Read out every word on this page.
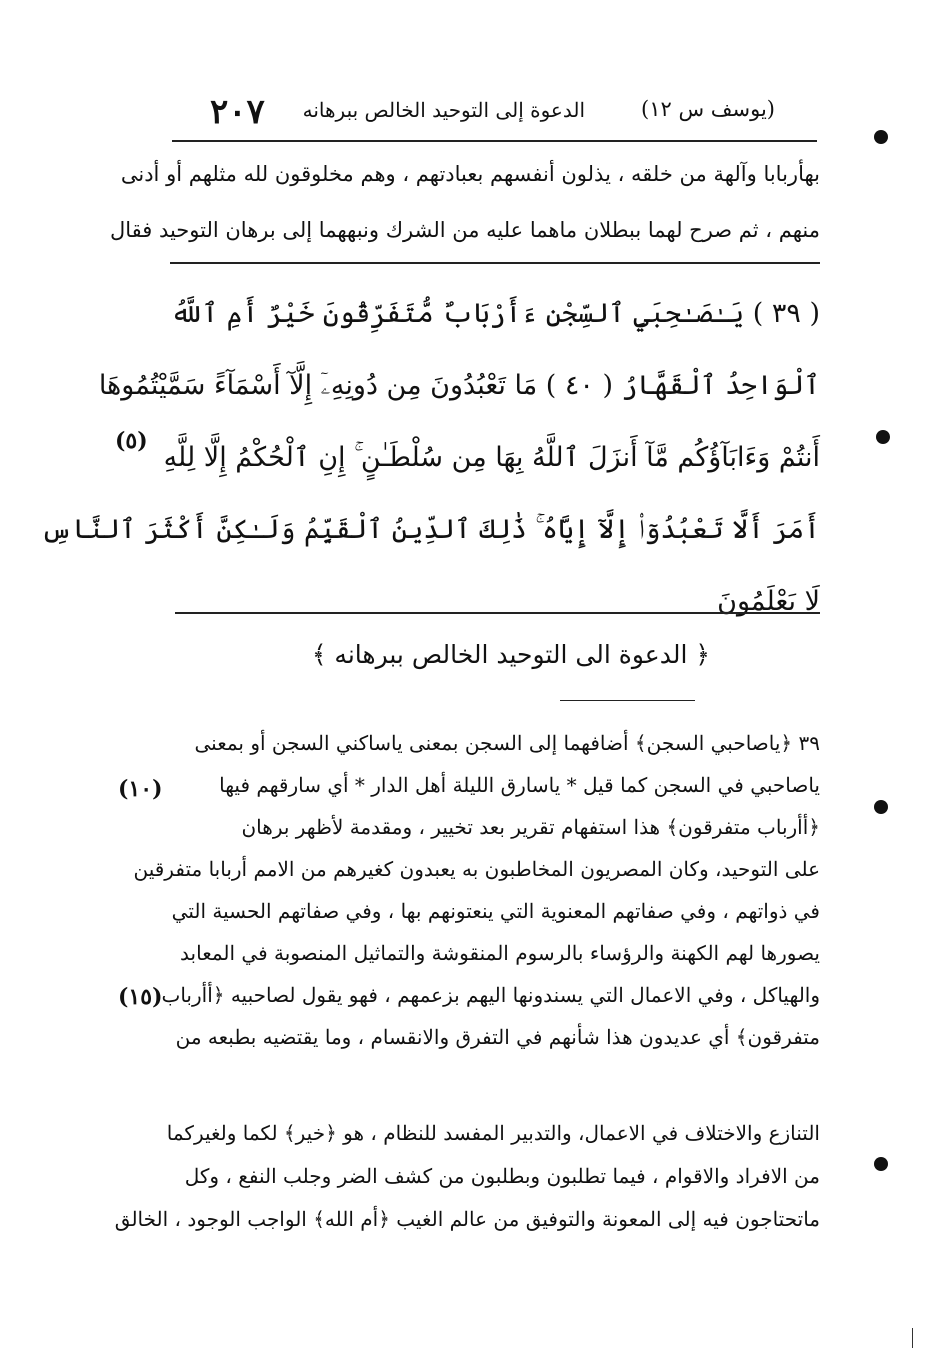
٢٠٧ الدعوة إلى التوحيد الخالص ببرهانه	(يوسف س ١٢)
بهأربابا وآلهة من خلقه ، يذلون أنفسهم بعبادتهم ، وهم مخلوقون لله مثلهم أو أدنى
منهم ، ثم صرح لهما ببطلان ماهما عليه من الشرك ونبههما إلى برهان التوحيد فقال
( ٣٩ ) يَـٰصَـٰحِبَيِ ٱلسِّجْنِ ءَأَرْبَابٌ مُّتَفَرِّقُونَ خَيْرٌ أَمِ ٱللَّهُ
ٱلْوَاحِدُ ٱلْقَهَّارُ ( ٤٠ ) مَا تَعْبُدُونَ مِن دُونِهِۦٓ إِلَّآ أَسْمَآءً سَمَّيْتُمُوهَا
أَنتُمْ وَءَابَآؤُكُم مَّآ أَنزَلَ ٱللَّهُ بِهَا مِن سُلْطَـٰنٍ ۚ إِنِ ٱلْحُكْمُ إِلَّا لِلَّهِ
أَمَرَ أَلَّا تَعْبُدُوٓا۟ إِلَّآ إِيَّاهُ ۚ ذَٰلِكَ ٱلدِّينُ ٱلْقَيِّمُ وَلَـٰكِنَّ أَكْثَرَ ٱلنَّاسِ
لَا يَعْلَمُونَ
(٥)
﴿ الدعوة الى التوحيد الخالص ببرهانه ﴾
٣٩ ﴿ياصاحبي السجن﴾ أضافهما إلى السجن بمعنى ياساكني السجن أو بمعنى
ياصاحبي في السجن كما قيل * ياسارق الليلة أهل الدار * أي سارقهم فيها
﴿أأرباب متفرقون﴾ هذا استفهام تقرير بعد تخيير ، ومقدمة لأظهر برهان
على التوحيد، وكان المصريون المخاطبون به يعبدون كغيرهم من الامم أربابا متفرقين
في ذواتهم ، وفي صفاتهم المعنوية التي ينعتونهم بها ، وفي صفاتهم الحسية التي
يصورها لهم الكهنة والرؤساء بالرسوم المنقوشة والتماثيل المنصوبة في المعابد
والهياكل ، وفي الاعمال التي يسندونها اليهم بزعمهم ، فهو يقول لصاحبيه ﴿أأرباب
متفرقون﴾ أي عديدون هذا شأنهم في التفرق والانقسام ، وما يقتضيه بطبعه من
(١٠)
(١٥)
التنازع والاختلاف في الاعمال، والتدبير المفسد للنظام ، هو ﴿خير﴾ لكما ولغيركما
من الافراد والاقوام ، فيما تطلبون وبطلبون من كشف الضر وجلب النفع ، وكل
ماتحتاجون فيه إلى المعونة والتوفيق من عالم الغيب ﴿أم الله﴾ الواجب الوجود ، الخالق
